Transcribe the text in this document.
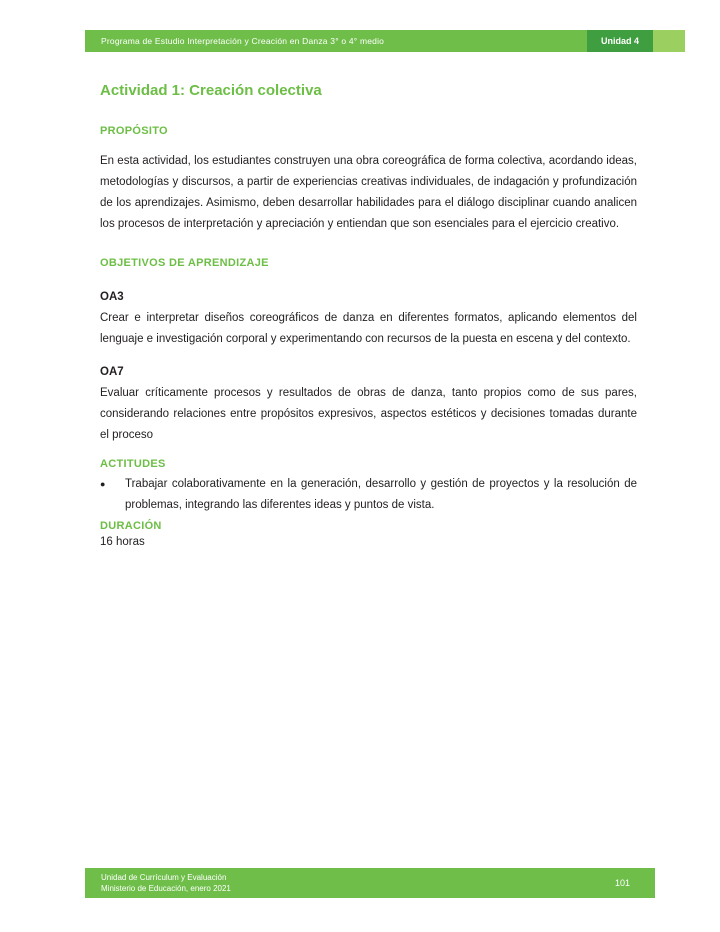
Programa de Estudio Interpretación y Creación en Danza 3° o 4° medio	Unidad 4
Actividad 1: Creación colectiva
PROPÓSITO

En esta actividad, los estudiantes construyen una obra coreográfica de forma colectiva, acordando ideas, metodologías y discursos, a partir de experiencias creativas individuales, de indagación y profundización de los aprendizajes. Asimismo, deben desarrollar habilidades para el diálogo disciplinar cuando analicen los procesos de interpretación y apreciación y entiendan que son esenciales para el ejercicio creativo.

OBJETIVOS DE APRENDIZAJE
OA3

Crear e interpretar diseños coreográficos de danza en diferentes formatos, aplicando elementos del lenguaje e investigación corporal y experimentando con recursos de la puesta en escena y del contexto.

OA7

Evaluar críticamente procesos y resultados de obras de danza, tanto propios como de sus pares, considerando relaciones entre propósitos expresivos, aspectos estéticos y decisiones tomadas durante el proceso

ACTITUDES
●	Trabajar colaborativamente en la generación, desarrollo y gestión de proyectos y la resolución de problemas, integrando las diferentes ideas y puntos de vista.

DURACIÓN

16 horas

Unidad de Currículum y Evaluación
Ministerio de Educación, enero 2021
101
